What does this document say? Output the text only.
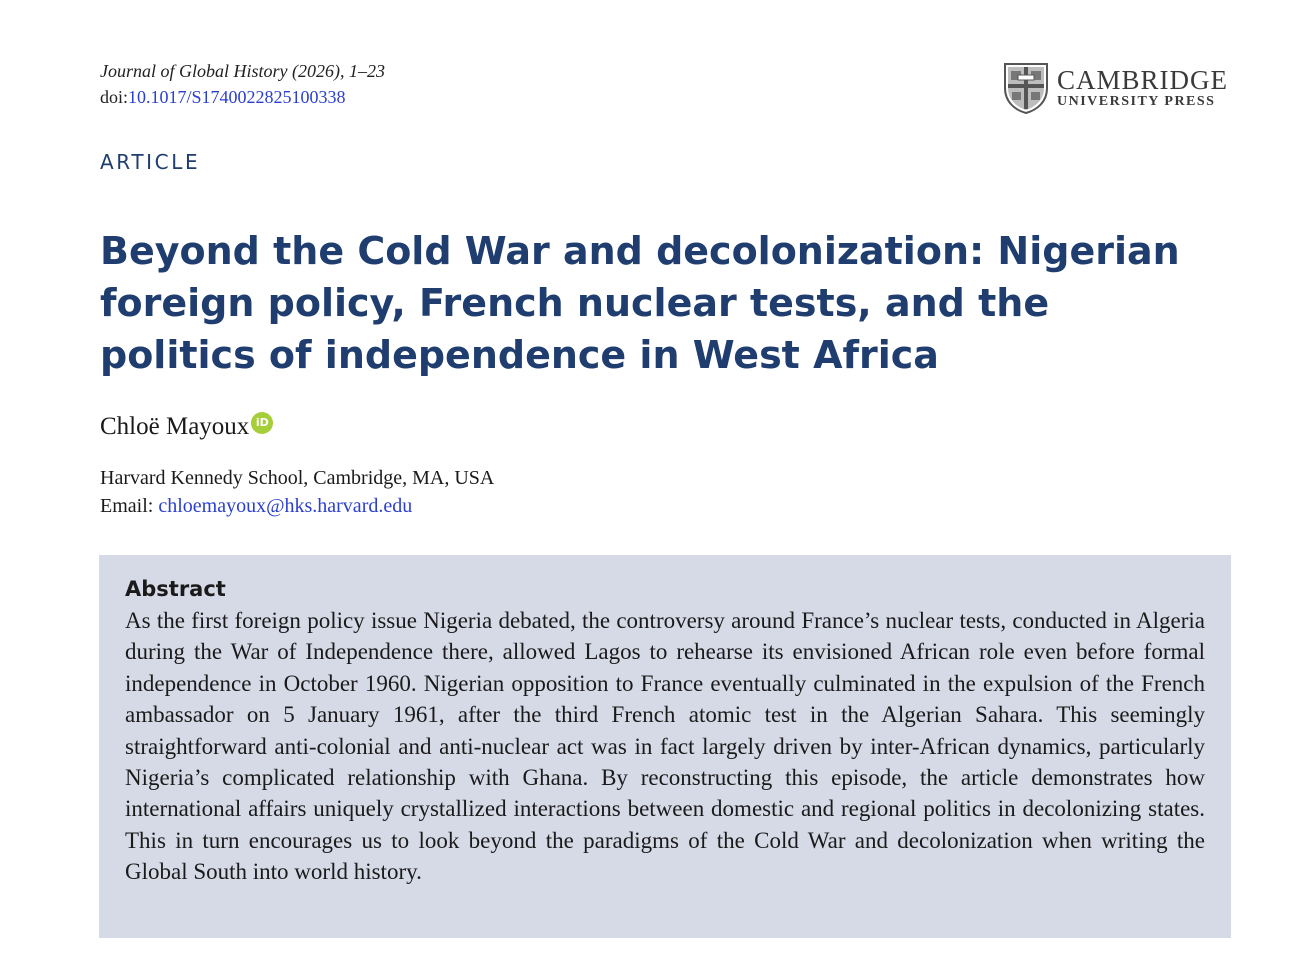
Journal of Global History (2026), 1–23
doi:10.1017/S1740022825100338
CAMBRIDGE
UNIVERSITY PRESS
ARTICLE
Beyond the Cold War and decolonization: Nigerian foreign policy, French nuclear tests, and the politics of independence in West Africa
Chloë Mayoux iD
Harvard Kennedy School, Cambridge, MA, USA
Email: chloemayoux@hks.harvard.edu
Abstract

As the first foreign policy issue Nigeria debated, the controversy around France’s nuclear tests, conducted in Algeria during the War of Independence there, allowed Lagos to rehearse its envisioned African role even before formal independence in October 1960. Nigerian opposition to France eventually culminated in the expulsion of the French ambassador on 5 January 1961, after the third French atomic test in the Algerian Sahara. This seemingly straightforward anti-colonial and anti-nuclear act was in fact largely driven by inter-African dynamics, particularly Nigeria’s complicated relationship with Ghana. By reconstructing this episode, the article demonstrates how international affairs uniquely crystallized interactions between domestic and regional politics in decolonizing states. This in turn encourages us to look beyond the paradigms of the Cold War and decolonization when writing the Global South into world history.
